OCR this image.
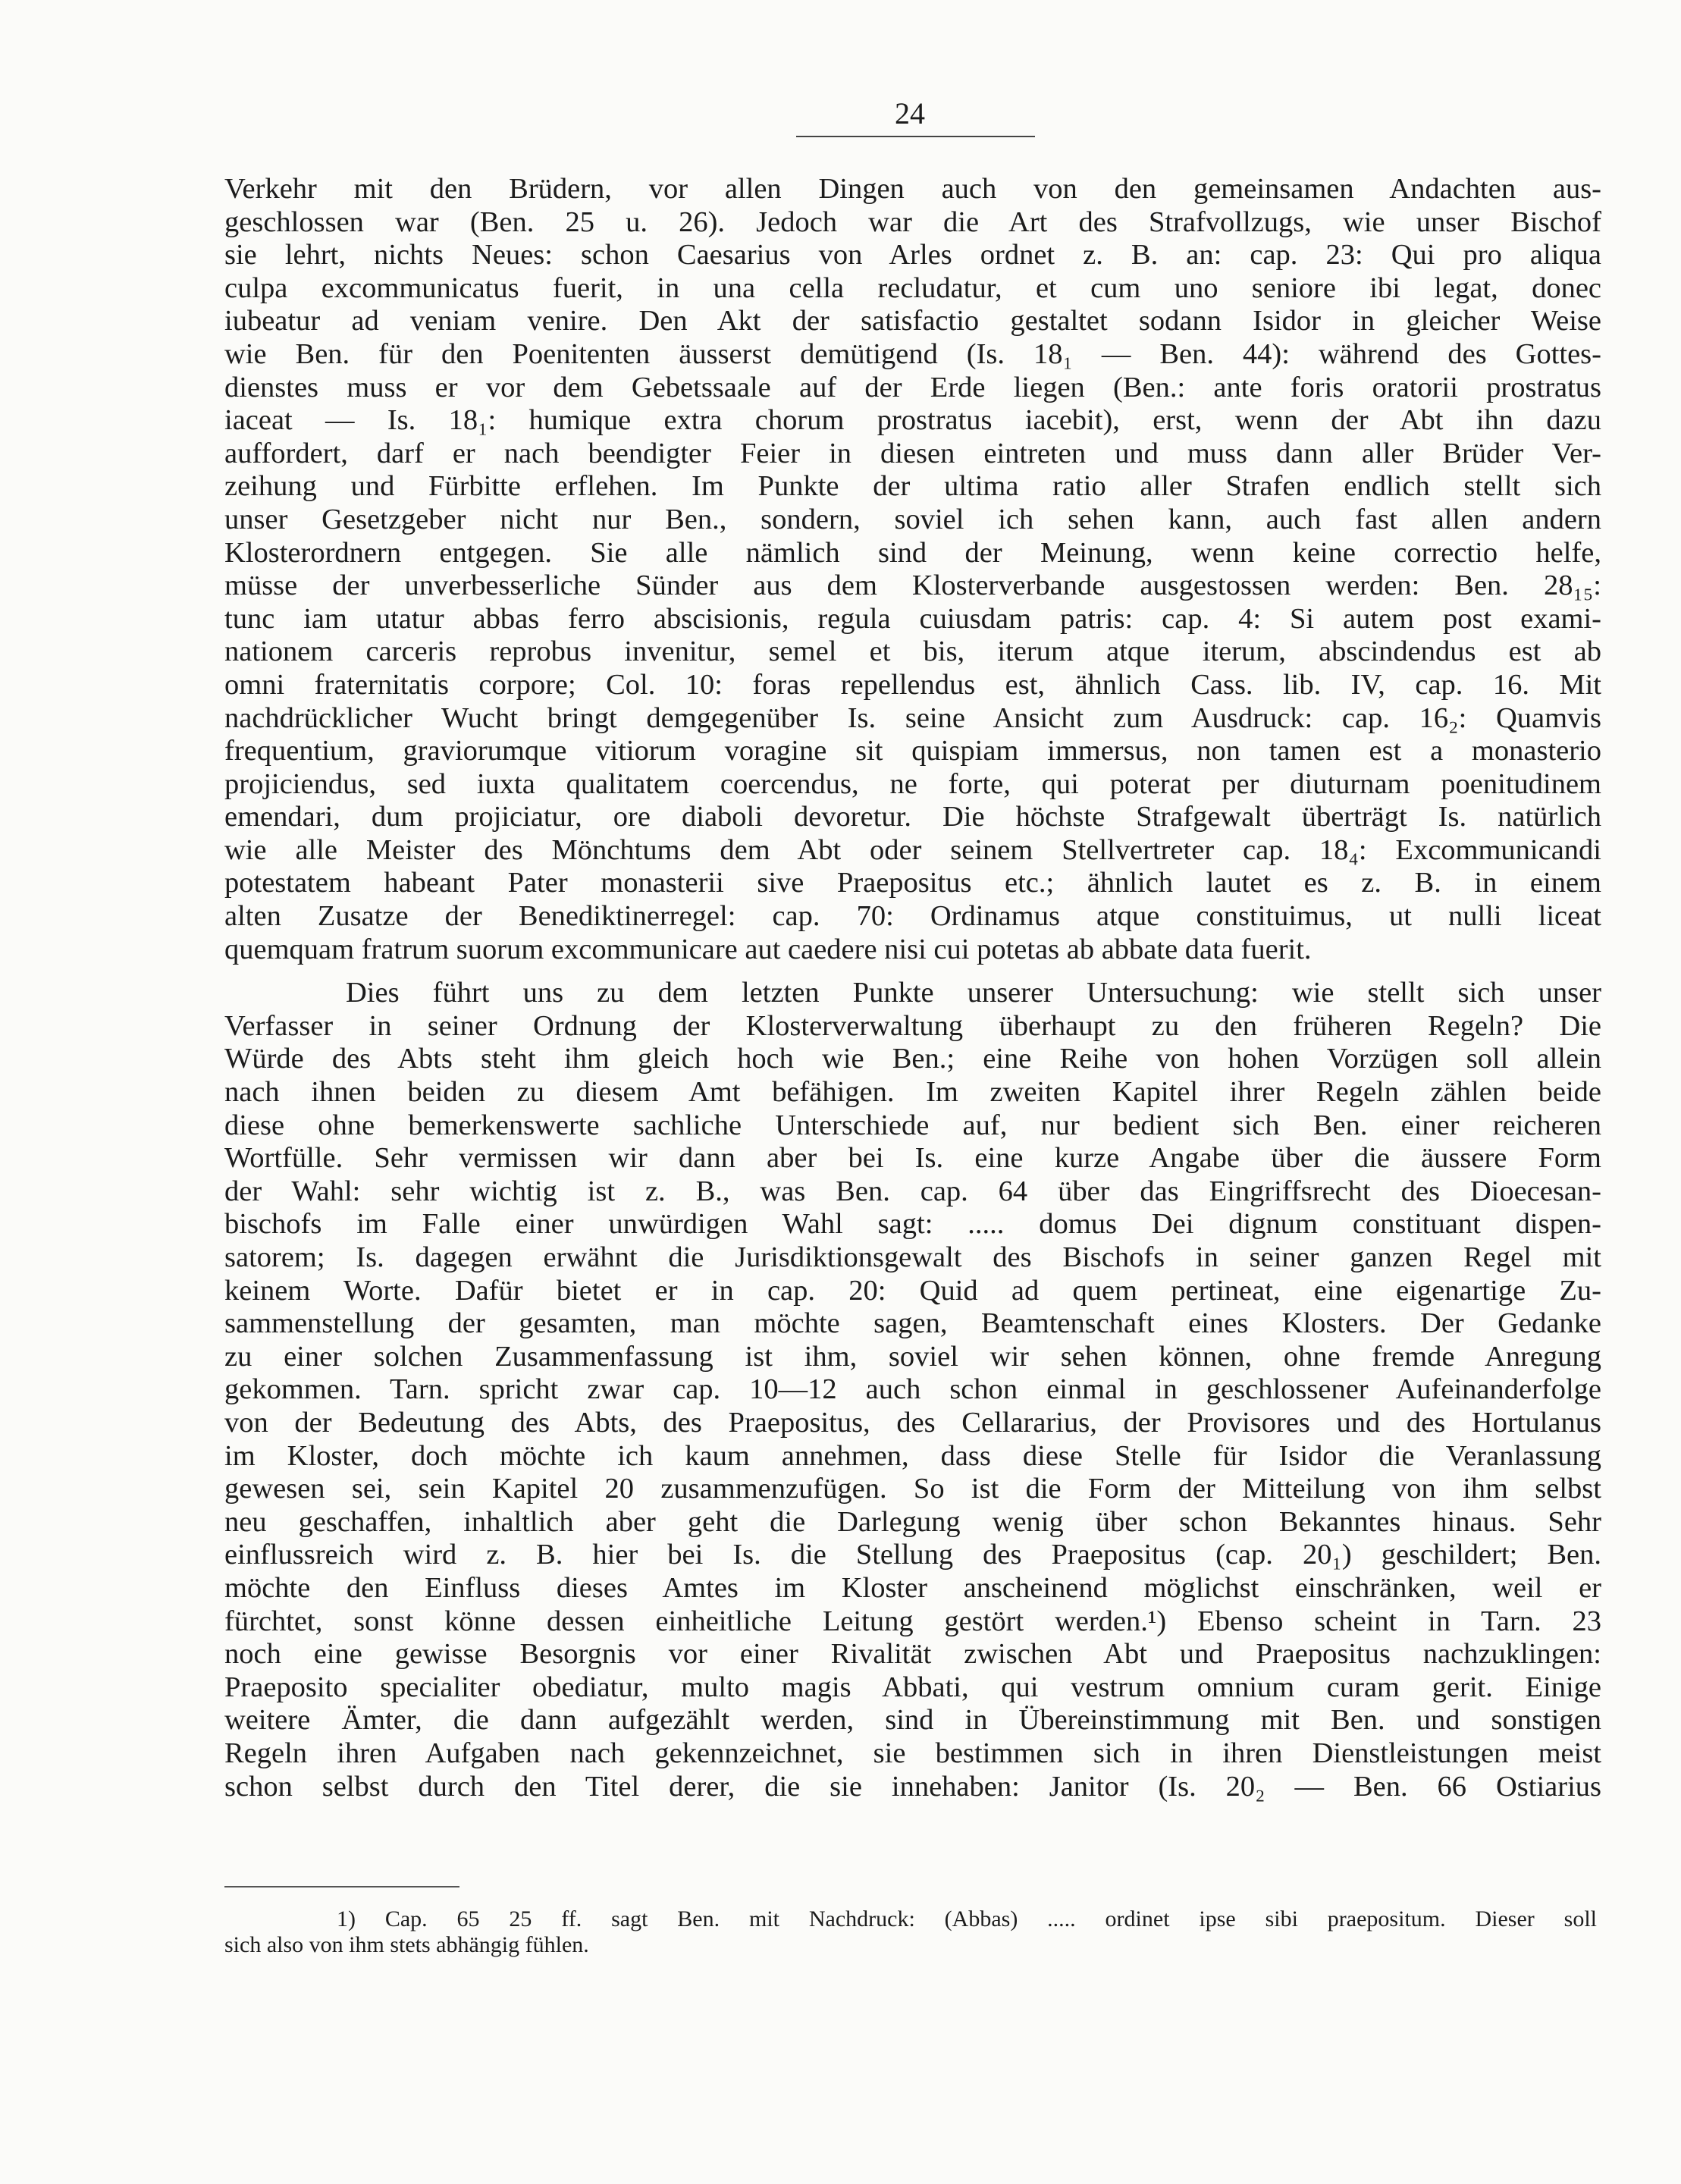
24
Verkehr mit den Brüdern, vor allen Dingen auch von den gemeinsamen Andachten aus-
geschlossen war (Ben. 25 u. 26). Jedoch war die Art des Strafvollzugs, wie unser Bischof
sie lehrt, nichts Neues: schon Caesarius von Arles ordnet z. B. an: cap. 23: Qui pro aliqua
culpa excommunicatus fuerit, in una cella recludatur, et cum uno seniore ibi legat, donec
iubeatur ad veniam venire. Den Akt der satisfactio gestaltet sodann Isidor in gleicher Weise
wie Ben. für den Poenitenten äusserst demütigend (Is. 18₁ — Ben. 44): während des Gottes-
dienstes muss er vor dem Gebetssaale auf der Erde liegen (Ben.: ante foris oratorii prostratus
iaceat — Is. 18₁: humique extra chorum prostratus iacebit), erst, wenn der Abt ihn dazu
auffordert, darf er nach beendigter Feier in diesen eintreten und muss dann aller Brüder Ver-
zeihung und Fürbitte erflehen. Im Punkte der ultima ratio aller Strafen endlich stellt sich
unser Gesetzgeber nicht nur Ben., sondern, soviel ich sehen kann, auch fast allen andern
Klosterordnern entgegen. Sie alle nämlich sind der Meinung, wenn keine correctio helfe,
müsse der unverbesserliche Sünder aus dem Klosterverbande ausgestossen werden: Ben. 28₁₅:
tunc iam utatur abbas ferro abscisionis, regula cuiusdam patris: cap. 4: Si autem post exami-
nationem carceris reprobus invenitur, semel et bis, iterum atque iterum, abscindendus est ab
omni fraternitatis corpore; Col. 10: foras repellendus est, ähnlich Cass. lib. IV, cap. 16. Mit
nachdrücklicher Wucht bringt demgegenüber Is. seine Ansicht zum Ausdruck: cap. 16₂: Quamvis
frequentium, graviorumque vitiorum voragine sit quispiam immersus, non tamen est a monasterio
projiciendus, sed iuxta qualitatem coercendus, ne forte, qui poterat per diuturnam poenitudinem
emendari, dum projiciatur, ore diaboli devoretur. Die höchste Strafgewalt überträgt Is. natürlich
wie alle Meister des Mönchtums dem Abt oder seinem Stellvertreter cap. 18₄: Excommunicandi
potestatem habeant Pater monasterii sive Praepositus etc.; ähnlich lautet es z. B. in einem
alten Zusatze der Benediktinerregel: cap. 70: Ordinamus atque constituimus, ut nulli liceat
quemquam fratrum suorum excommunicare aut caedere nisi cui potetas ab abbate data fuerit.
Dies führt uns zu dem letzten Punkte unserer Untersuchung: wie stellt sich unser
Verfasser in seiner Ordnung der Klosterverwaltung überhaupt zu den früheren Regeln? Die
Würde des Abts steht ihm gleich hoch wie Ben.; eine Reihe von hohen Vorzügen soll allein
nach ihnen beiden zu diesem Amt befähigen. Im zweiten Kapitel ihrer Regeln zählen beide
diese ohne bemerkenswerte sachliche Unterschiede auf, nur bedient sich Ben. einer reicheren
Wortfülle. Sehr vermissen wir dann aber bei Is. eine kurze Angabe über die äussere Form
der Wahl: sehr wichtig ist z. B., was Ben. cap. 64 über das Eingriffsrecht des Dioecesan-
bischofs im Falle einer unwürdigen Wahl sagt: ..... domus Dei dignum constituant dispen-
satorem; Is. dagegen erwähnt die Jurisdiktionsgewalt des Bischofs in seiner ganzen Regel mit
keinem Worte. Dafür bietet er in cap. 20: Quid ad quem pertineat, eine eigenartige Zu-
sammenstellung der gesamten, man möchte sagen, Beamtenschaft eines Klosters. Der Gedanke
zu einer solchen Zusammenfassung ist ihm, soviel wir sehen können, ohne fremde Anregung
gekommen. Tarn. spricht zwar cap. 10—12 auch schon einmal in geschlossener Aufeinanderfolge
von der Bedeutung des Abts, des Praepositus, des Cellararius, der Provisores und des Hortulanus
im Kloster, doch möchte ich kaum annehmen, dass diese Stelle für Isidor die Veranlassung
gewesen sei, sein Kapitel 20 zusammenzufügen. So ist die Form der Mitteilung von ihm selbst
neu geschaffen, inhaltlich aber geht die Darlegung wenig über schon Bekanntes hinaus. Sehr
einflussreich wird z. B. hier bei Is. die Stellung des Praepositus (cap. 20₁) geschildert; Ben.
möchte den Einfluss dieses Amtes im Kloster anscheinend möglichst einschränken, weil er
fürchtet, sonst könne dessen einheitliche Leitung gestört werden.¹) Ebenso scheint in Tarn. 23
noch eine gewisse Besorgnis vor einer Rivalität zwischen Abt und Praepositus nachzuklingen:
Praeposito specialiter obediatur, multo magis Abbati, qui vestrum omnium curam gerit. Einige
weitere Ämter, die dann aufgezählt werden, sind in Übereinstimmung mit Ben. und sonstigen
Regeln ihren Aufgaben nach gekennzeichnet, sie bestimmen sich in ihren Dienstleistungen meist
schon selbst durch den Titel derer, die sie innehaben: Janitor (Is. 20₂ — Ben. 66 Ostiarius
1) Cap. 65 25 ff. sagt Ben. mit Nachdruck: (Abbas) ..... ordinet ipse sibi praepositum. Dieser soll
sich also von ihm stets abhängig fühlen.
